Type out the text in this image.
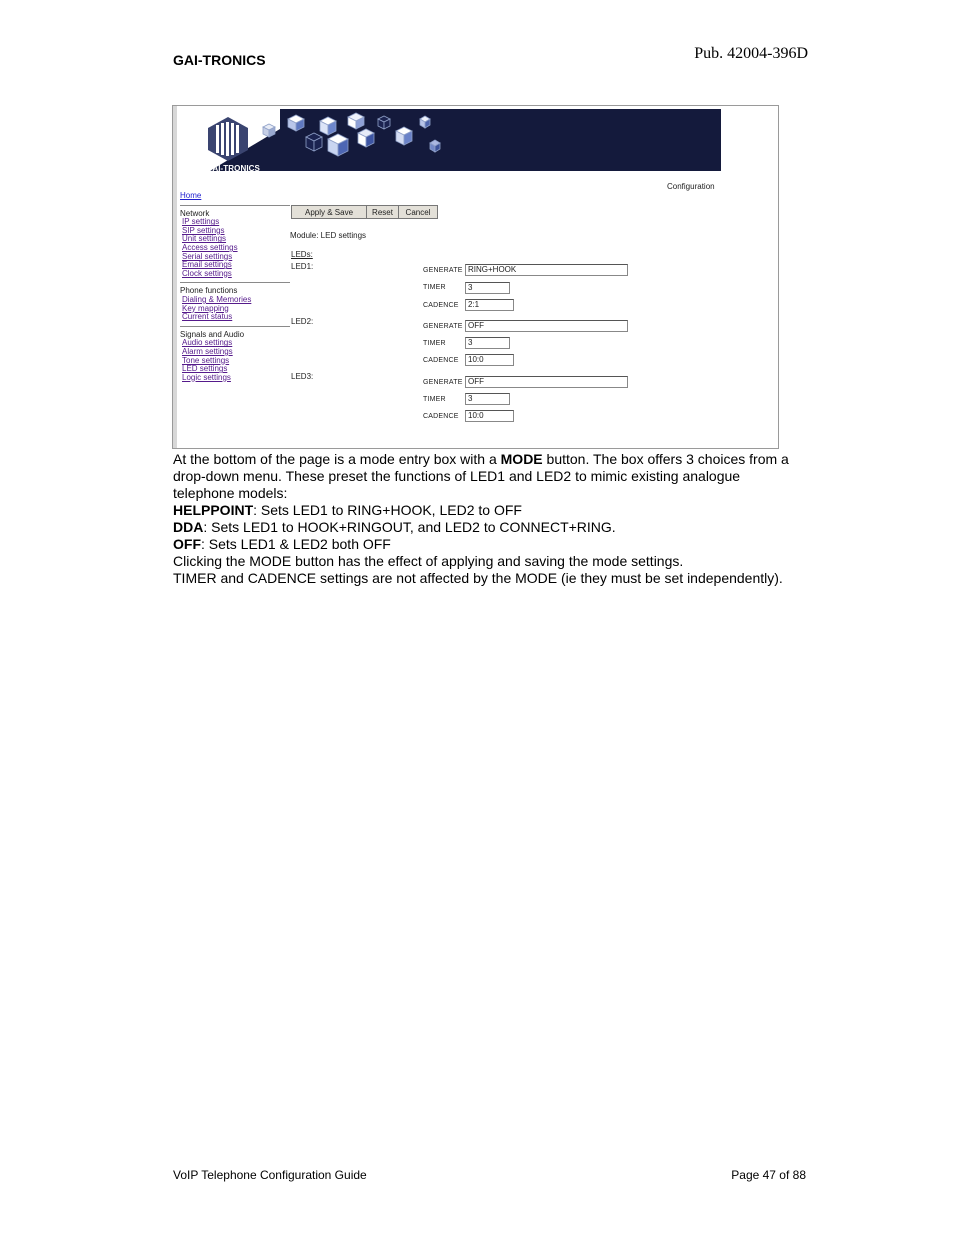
GAI-TRONICS	Pub. 42004-396D
GAI-TRONICS
A Hubbell Company
Configuration
Home
Network
IP settings
SIP settings
Unit settings
Access settings
Serial settings
Email settings
Clock settings
Phone functions
Dialing & Memories
Key mapping
Current status
Signals and Audio
Audio settings
Alarm settings
Tone settings
LED settings
Logic settings
Apply & Save	Reset	Cancel
Module: LED settings
LEDs:
LED1:	GENERATE RING+HOOK
TIMER	3
CADENCE	2:1
LED2:
GENERATE OFF
TIMER	3
CADENCE	10:0
LED3:
GENERATE OFF
TIMER	3
CADENCE	10:0

At the bottom of the page is a mode entry box with a MODE button. The box offers 3 choices from a drop-down menu. These preset the functions of LED1 and LED2 to mimic existing analogue telephone models:

HELPPOINT: Sets LED1 to RING+HOOK, LED2 to OFF

DDA: Sets LED1 to HOOK+RINGOUT, and LED2 to CONNECT+RING.

OFF: Sets LED1 & LED2 both OFF

Clicking the MODE button has the effect of applying and saving the mode settings.

TIMER and CADENCE settings are not affected by the MODE (ie they must be set independently).

VoIP Telephone Configuration Guide	Page 47 of 88
